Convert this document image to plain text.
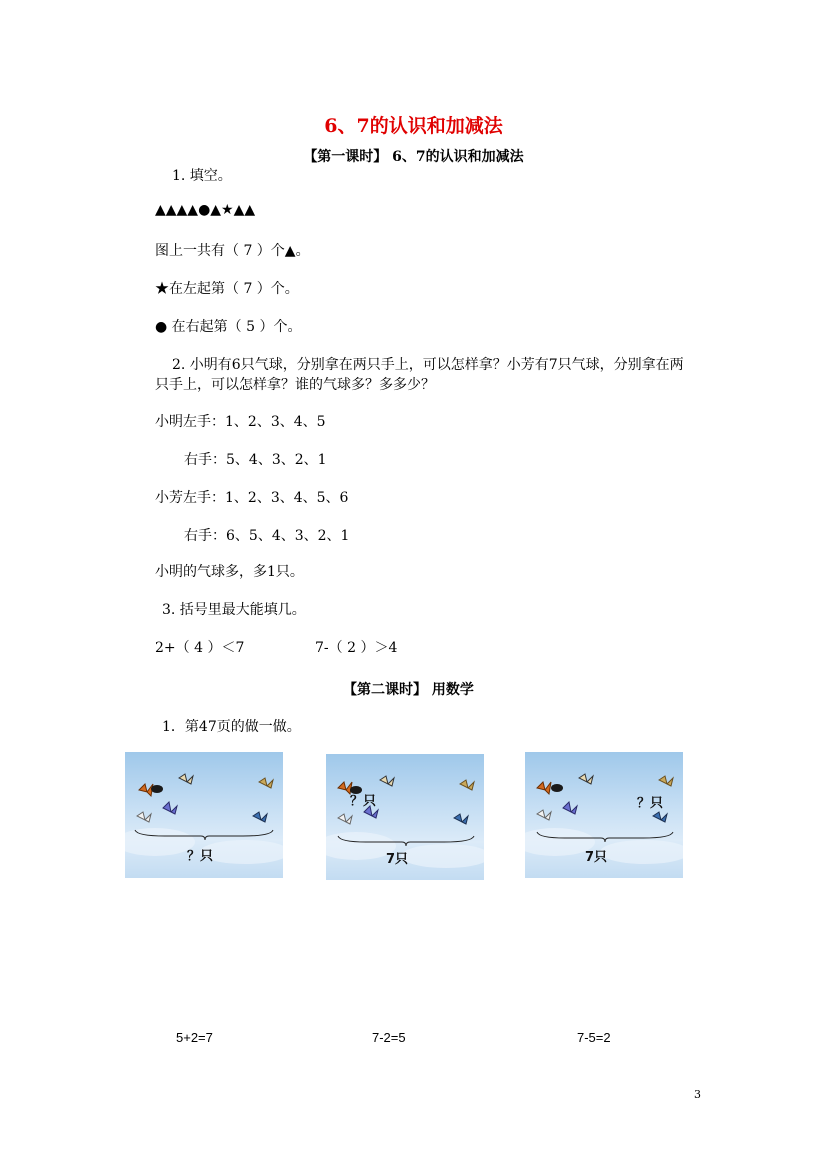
6、7的认识和加减法
【第一课时】 6、7的认识和加减法
1. 填空。
▲▲▲▲●▲★▲▲
图上一共有（ 7 ）个▲。
★在左起第（ 7 ）个。
● 在右起第（ 5 ）个。
2. 小明有6只气球，分别拿在两只手上，可以怎样拿？小芳有7只气球，分别拿在两
只手上，可以怎样拿？谁的气球多？多多少？
小明左手：1、2、3、4、5
右手：5、4、3、2、1
小芳左手：1、2、3、4、5、6
右手：6、5、4、3、2、1
小明的气球多，多1只。
3. 括号里最大能填几。
2+（ 4 ）＜7	7-（ 2 ）＞4
【第二课时】 用数学
1．第47页的做一做。
？只
？只
7只
？只
7只
5+2=7	7-2=5	7-5=2
3
